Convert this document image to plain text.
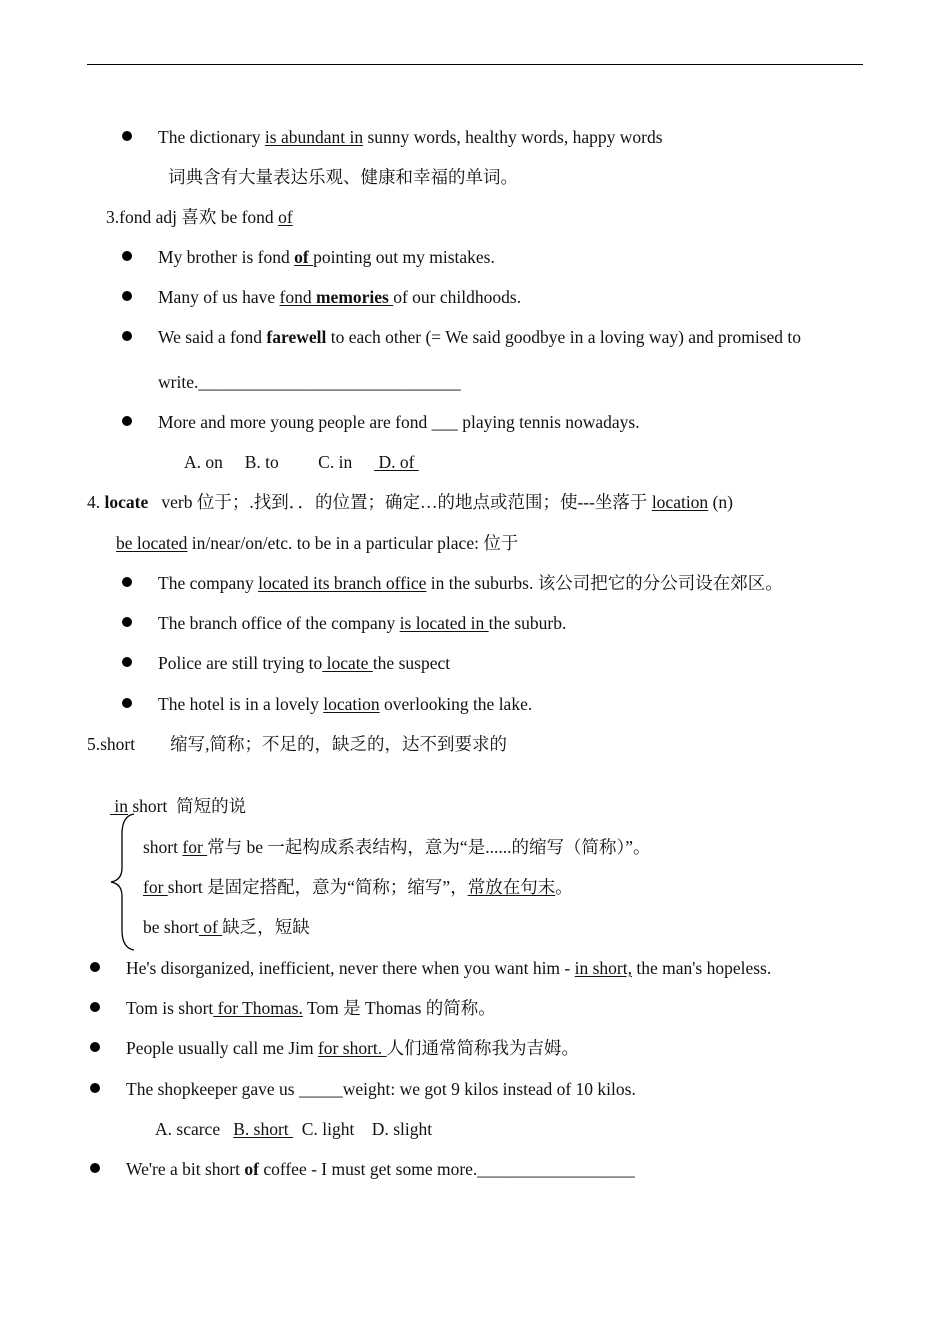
The dictionary is abundant in sunny words, healthy words, happy words
词典含有大量表达乐观、健康和幸福的单词。
3.fond adj 喜欢 be fond of
My brother is fond of pointing out my mistakes.
Many of us have fond memories of our childhoods.
We said a fond farewell to each other (= We said goodbye in a loving way) and promised to
write.______________________________
More and more young people are fond ___ playing tennis nowadays.
A. on     B. to         C. in      D. of
4. locate   verb 位于；.找到．．的位置；确定…的地点或范围；使---坐落于 location (n)
be located in/near/on/etc. to be in a particular place: 位于
The company located its branch office in the suburbs. 该公司把它的分公司设在郊区。
The branch office of the company is located in the suburb.
Police are still trying to locate the suspect
The hotel is in a lovely location overlooking the lake.
5.short        缩写,简称；不足的，缺乏的，达不到要求的
in short  简短的说
short for 常与 be 一起构成系表结构，意为“是......的缩写（简称）”。
for short 是固定搭配，意为“简称；缩写”，常放在句末。
be short of 缺乏，短缺
He's disorganized, inefficient, never there when you want him - in short, the man's hopeless.
Tom is short for Thomas. Tom 是 Thomas 的简称。
People usually call me Jim for short. 人们通常简称我为吉姆。
The shopkeeper gave us _____weight: we got 9 kilos instead of 10 kilos.
A. scarce   B. short   C. light    D. slight
We're a bit short of coffee - I must get some more.__________________
